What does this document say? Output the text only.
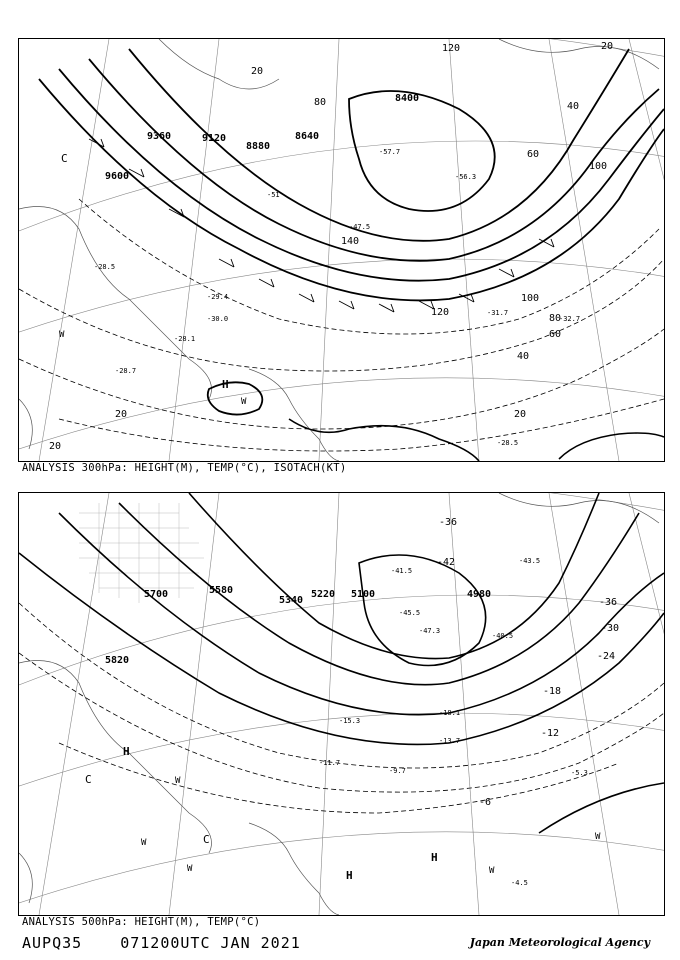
9360	9120
8880
8640
8400
9600
20
40
60
80
100
120
140
20
40
60
80
100
120
20
20
20
-28.5
-29.4
-30.0
-31.7
-32.7
-28.7
-28.1
-57.7
-56.3
-51
-47.5
-28.5
H
C
W
W
ANALYSIS 300hPa: HEIGHT(M), TEMP(°C), ISOTACH(KT)
5700	5580
5340
5220 5100	4980
5820
-42
-36
-30
-24
-18
-12
-6
-36
-43.5
-41.5
-45.5
-47.3
-40.5
-5.3
-4.5
-9.7
-11.7
-13.7
-15.3
-18.1
H
H
H
C
C
W
W
W
W
W
ANALYSIS 500hPa: HEIGHT(M), TEMP(°C)
AUPQ35	071200UTC JAN 2021	Japan Meteorological Agency
